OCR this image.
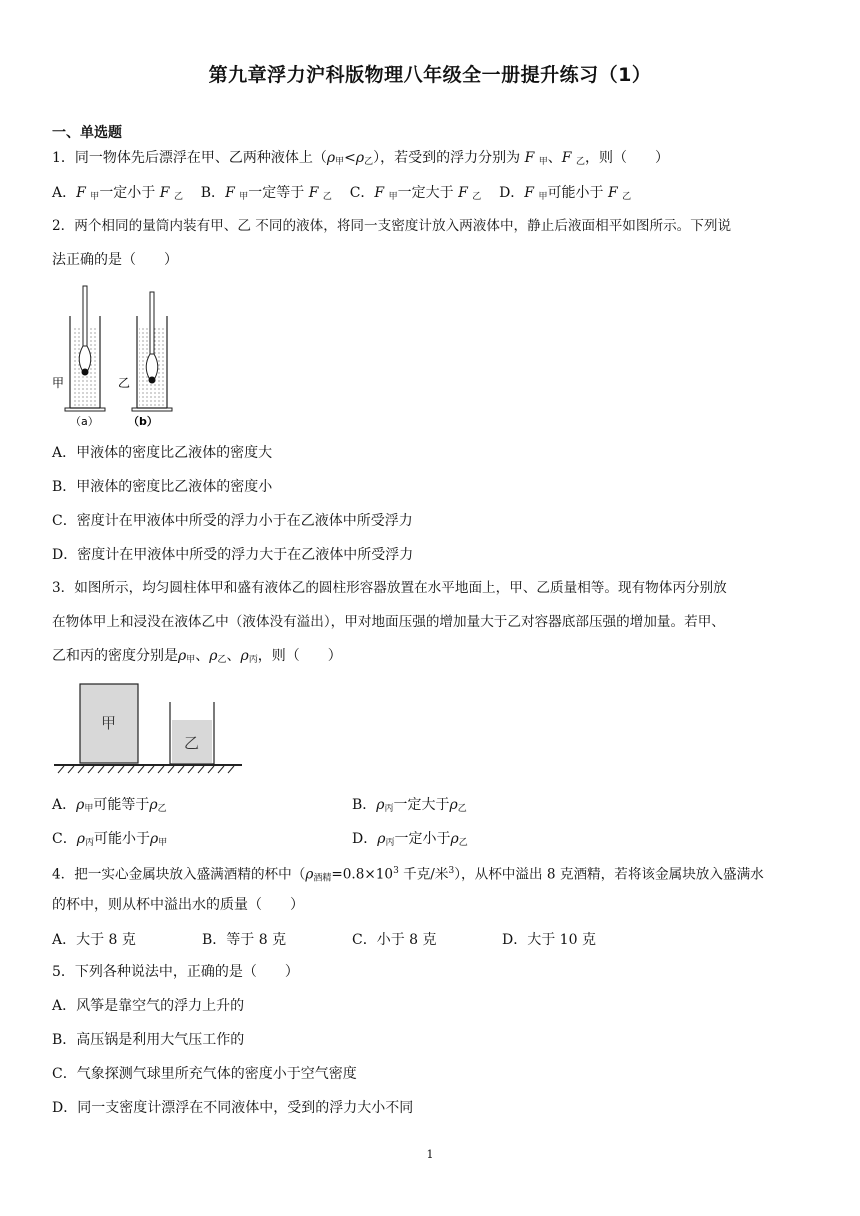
第九章浮力沪科版物理八年级全一册提升练习（1）
一、单选题
1．同一物体先后漂浮在甲、乙两种液体上$(\rho_甲<\rho_乙)$，若受到的浮力分别为 F $_甲$、F $_乙$，则（　　）
A．F $_甲$一定小于 F $_乙$ B．F $_甲$一定等于 F $_乙$ C．F $_甲$一定大于 F $_乙$ D．F $_甲$可能小于 F $_乙$
2．两个相同的量筒内装有甲、乙 不同的液体，将同一支密度计放入两液体中，静止后液面相平如图所示。下列说
法正确的是（　　）
甲	乙
（a）	（b）
A．甲液体的密度比乙液体的密度大
B．甲液体的密度比乙液体的密度小
C．密度计在甲液体中所受的浮力小于在乙液体中所受浮力
D．密度计在甲液体中所受的浮力大于在乙液体中所受浮力
3．如图所示，均匀圆柱体甲和盛有液体乙的圆柱形容器放置在水平地面上，甲、乙质量相等。现有物体丙分别放
在物体甲上和浸没在液体乙中（液体没有溢出），甲对地面压强的增加量大于乙对容器底部压强的增加量。若甲、
乙和丙的密度分别是$\rho_甲$、$\rho_乙$、$\rho_丙$，则（　　）
甲
乙
A．$\rho_甲$可能等于$\rho_乙$	B．$\rho_丙$一定大于$\rho_乙$
C．$\rho_丙$可能小于$\rho_甲$	D．$\rho_丙$一定小于$\rho_乙$
4．把一实心金属块放入盛满酒精的杯中（$\rho_{酒精}=0.8\times 10^3$ 千克/米$^3$），从杯中溢出 8 克酒精，若将该金属块放入盛满水
的杯中，则从杯中溢出水的质量（　　）
A．大于 8 克	B．等于 8 克	C．小于 8 克	D．大于 10 克
5．下列各种说法中，正确的是（　　）
A．风筝是靠空气的浮力上升的
B．高压锅是利用大气压工作的
C．气象探测气球里所充气体的密度小于空气密度
D．同一支密度计漂浮在不同液体中，受到的浮力大小不同
1
